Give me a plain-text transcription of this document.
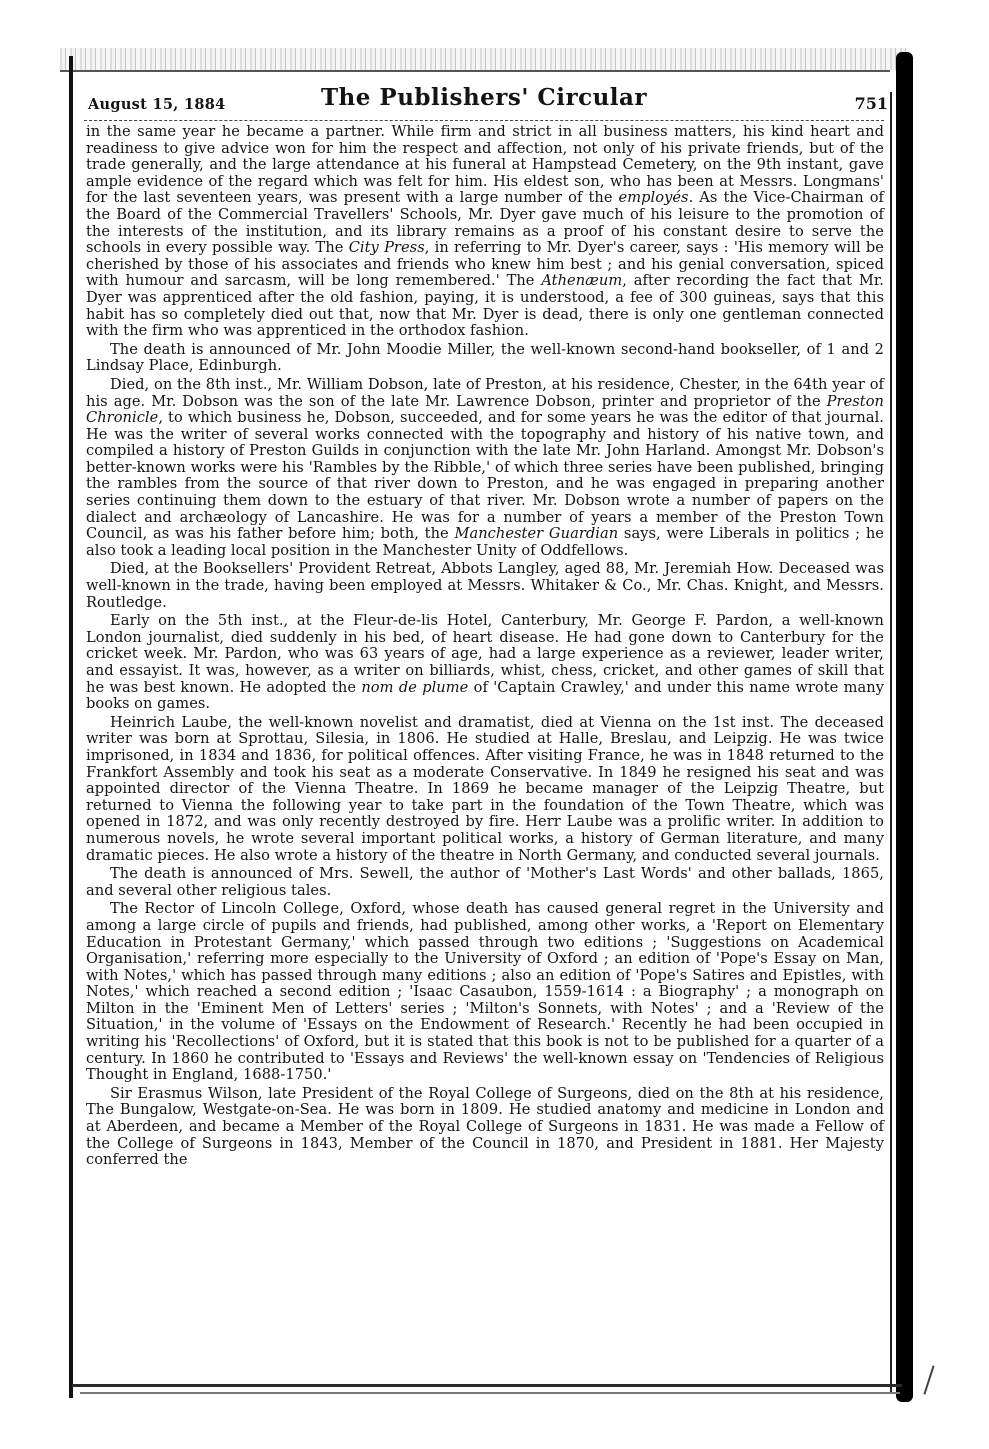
August 15, 1884	The Publishers' Circular	751

in the same year he became a partner. While firm and strict in all business matters, his kind heart and readiness to give advice won for him the respect and affection, not only of his private friends, but of the trade generally, and the large attendance at his funeral at Hampstead Cemetery, on the 9th instant, gave ample evidence of the regard which was felt for him. His eldest son, who has been at Messrs. Longmans' for the last seventeen years, was present with a large number of the employés. As the Vice-Chairman of the Board of the Commercial Travellers' Schools, Mr. Dyer gave much of his leisure to the promotion of the interests of the institution, and its library remains as a proof of his constant desire to serve the schools in every possible way. The City Press, in referring to Mr. Dyer's career, says : 'His memory will be cherished by those of his associates and friends who knew him best ; and his genial conversation, spiced with humour and sarcasm, will be long remembered.' The Athenæum, after recording the fact that Mr. Dyer was apprenticed after the old fashion, paying, it is understood, a fee of 300 guineas, says that this habit has so completely died out that, now that Mr. Dyer is dead, there is only one gentleman connected with the firm who was apprenticed in the orthodox fashion.

The death is announced of Mr. John Moodie Miller, the well-known second-hand bookseller, of 1 and 2 Lindsay Place, Edinburgh.

Died, on the 8th inst., Mr. William Dobson, late of Preston, at his residence, Chester, in the 64th year of his age. Mr. Dobson was the son of the late Mr. Lawrence Dobson, printer and proprietor of the Preston Chronicle, to which business he, Dobson, succeeded, and for some years he was the editor of that journal. He was the writer of several works connected with the topography and history of his native town, and compiled a history of Preston Guilds in conjunction with the late Mr. John Harland. Amongst Mr. Dobson's better-known works were his 'Rambles by the Ribble,' of which three series have been published, bringing the rambles from the source of that river down to Preston, and he was engaged in preparing another series continuing them down to the estuary of that river. Mr. Dobson wrote a number of papers on the dialect and archæology of Lancashire. He was for a number of years a member of the Preston Town Council, as was his father before him; both, the Manchester Guardian says, were Liberals in politics ; he also took a leading local position in the Manchester Unity of Oddfellows.

Died, at the Booksellers' Provident Retreat, Abbots Langley, aged 88, Mr. Jeremiah How. Deceased was well-known in the trade, having been employed at Messrs. Whitaker & Co., Mr. Chas. Knight, and Messrs. Routledge.

Early on the 5th inst., at the Fleur-de-lis Hotel, Canterbury, Mr. George F. Pardon, a well-known London journalist, died suddenly in his bed, of heart disease. He had gone down to Canterbury for the cricket week. Mr. Pardon, who was 63 years of age, had a large experience as a reviewer, leader writer, and essayist. It was, however, as a writer on billiards, whist, chess, cricket, and other games of skill that he was best known. He adopted the nom de plume of 'Captain Crawley,' and under this name wrote many books on games.

Heinrich Laube, the well-known novelist and dramatist, died at Vienna on the 1st inst. The deceased writer was born at Sprottau, Silesia, in 1806. He studied at Halle, Breslau, and Leipzig. He was twice imprisoned, in 1834 and 1836, for political offences. After visiting France, he was in 1848 returned to the Frankfort Assembly and took his seat as a moderate Conservative. In 1849 he resigned his seat and was appointed director of the Vienna Theatre. In 1869 he became manager of the Leipzig Theatre, but returned to Vienna the following year to take part in the foundation of the Town Theatre, which was opened in 1872, and was only recently destroyed by fire. Herr Laube was a prolific writer. In addition to numerous novels, he wrote several important political works, a history of German literature, and many dramatic pieces. He also wrote a history of the theatre in North Germany, and conducted several journals.

The death is announced of Mrs. Sewell, the author of 'Mother's Last Words' and other ballads, 1865, and several other religious tales.

The Rector of Lincoln College, Oxford, whose death has caused general regret in the University and among a large circle of pupils and friends, had published, among other works, a 'Report on Elementary Education in Protestant Germany,' which passed through two editions ; 'Suggestions on Academical Organisation,' referring more especially to the University of Oxford ; an edition of 'Pope's Essay on Man, with Notes,' which has passed through many editions ; also an edition of 'Pope's Satires and Epistles, with Notes,' which reached a second edition ; 'Isaac Casaubon, 1559-1614 : a Biography' ; a monograph on Milton in the 'Eminent Men of Letters' series ; 'Milton's Sonnets, with Notes' ; and a 'Review of the Situation,' in the volume of 'Essays on the Endowment of Research.' Recently he had been occupied in writing his 'Recollections' of Oxford, but it is stated that this book is not to be published for a quarter of a century. In 1860 he contributed to 'Essays and Reviews' the well-known essay on 'Tendencies of Religious Thought in England, 1688-1750.'

Sir Erasmus Wilson, late President of the Royal College of Surgeons, died on the 8th at his residence, The Bungalow, Westgate-on-Sea. He was born in 1809. He studied anatomy and medicine in London and at Aberdeen, and became a Member of the Royal College of Surgeons in 1831. He was made a Fellow of the College of Surgeons in 1843, Member of the Council in 1870, and President in 1881. Her Majesty conferred the
